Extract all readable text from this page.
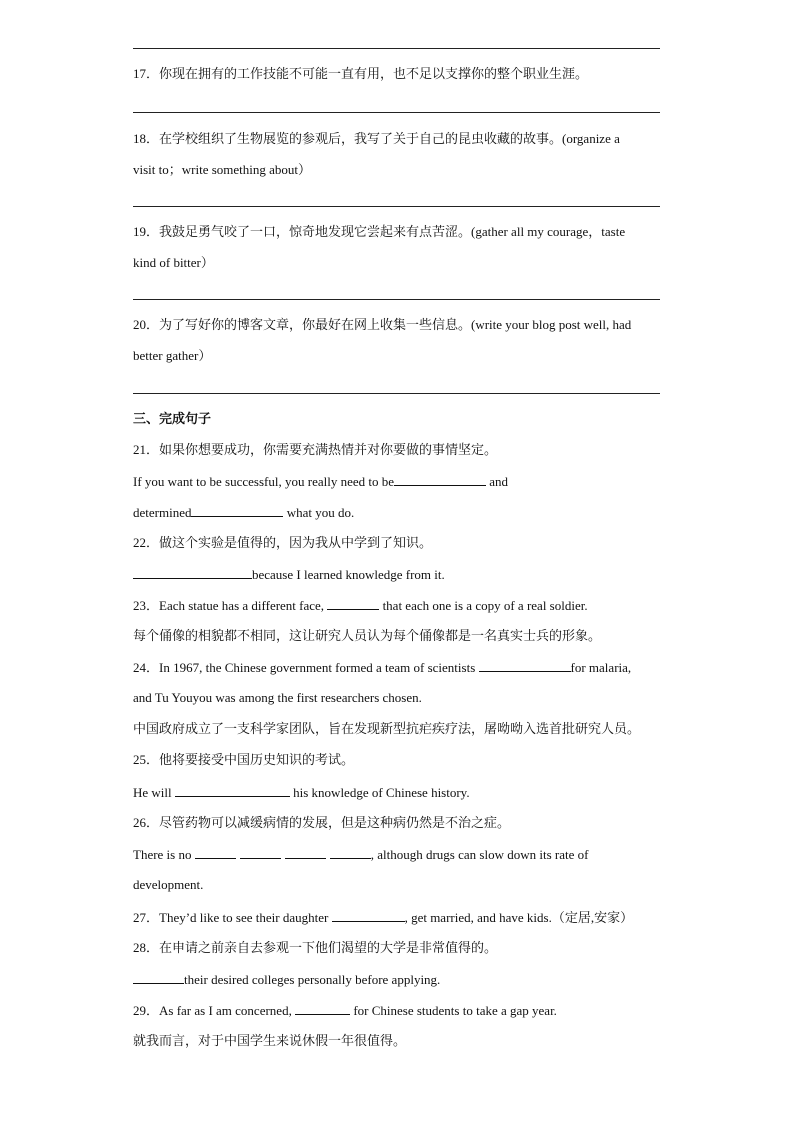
17．你现在拥有的工作技能不可能一直有用，也不足以支撑你的整个职业生涯。
18．在学校组织了生物展览的参观后，我写了关于自己的昆虫收藏的故事。(organize a
visit to；write something about）
19．我鼓足勇气咬了一口，惊奇地发现它尝起来有点苦涩。(gather all my courage，taste
kind of bitter）
20．为了写好你的博客文章，你最好在网上收集一些信息。(write your blog post well, had
better gather）
三、完成句子
21．如果你想要成功，你需要充满热情并对你要做的事情坚定。
If you want to be successful, you really need to be	and
determined	what you do.
22．做这个实验是值得的，因为我从中学到了知识。
because I learned knowledge from it.
23．Each statue has a different face,	that each one is a copy of a real soldier.
每个俑像的相貌都不相同，这让研究人员认为每个俑像都是一名真实士兵的形象。
24．In 1967, the Chinese government formed a team of scientists	for malaria,
and Tu Youyou was among the first researchers chosen.
中国政府成立了一支科学家团队，旨在发现新型抗疟疾疗法，屠呦呦入选首批研究人员。
25．他将要接受中国历史知识的考试。
He will	his knowledge of Chinese history.
26．尽管药物可以减缓病情的发展，但是这种病仍然是不治之症。
There is no	, although drugs can slow down its rate of
development.
27．They’d like to see their daughter	, get married, and have kids.（定居,安家）
28．在申请之前亲自去参观一下他们渴望的大学是非常值得的。
their desired colleges personally before applying.
29．As far as I am concerned,	for Chinese students to take a gap year.
就我而言，对于中国学生来说休假一年很值得。
